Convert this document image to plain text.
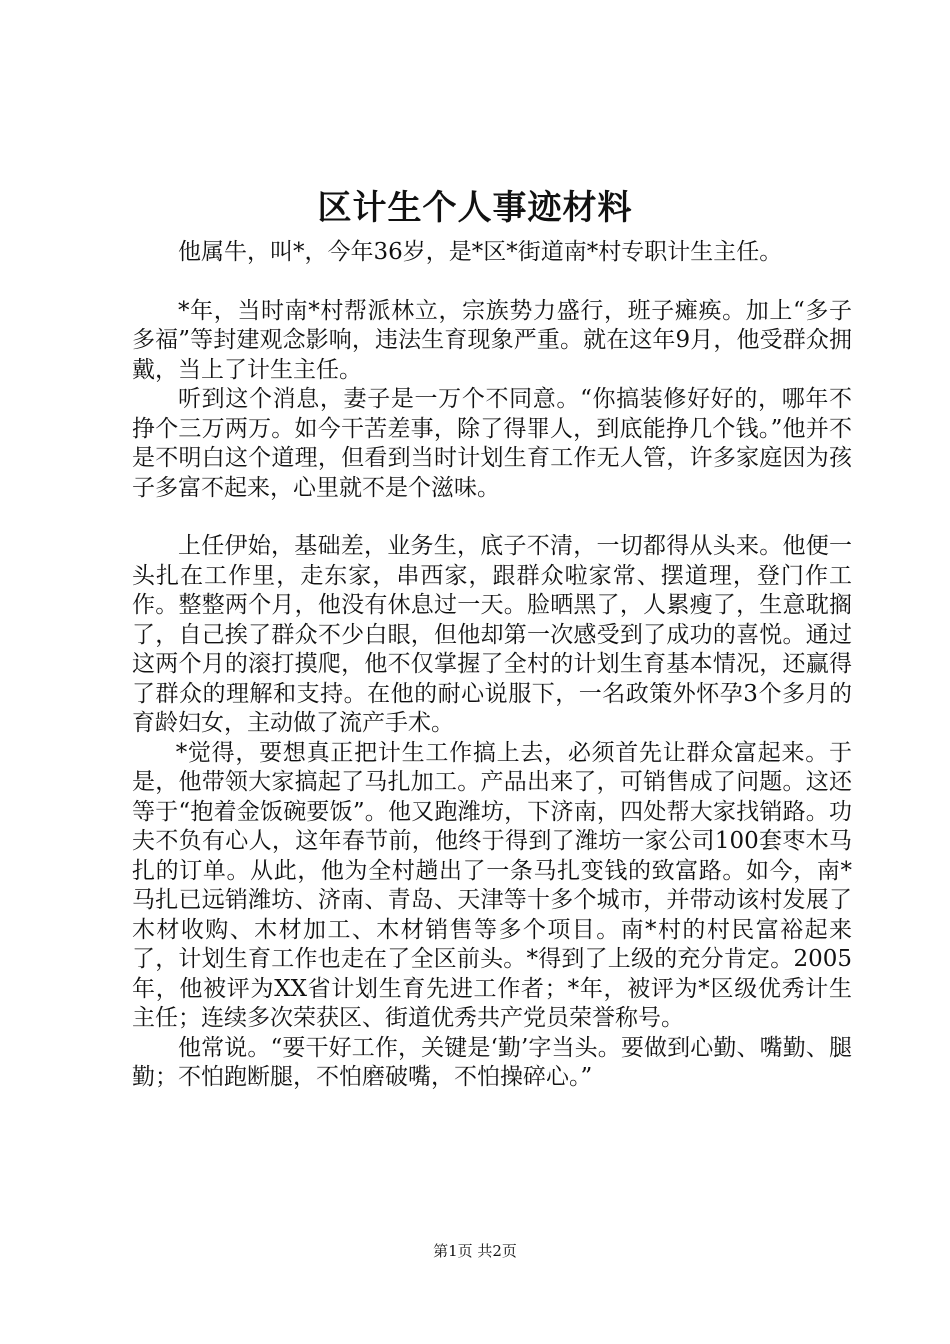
区计生个人事迹材料

他属牛，叫*，今年36岁，是*区*街道南*村专职计生主任。

*年，当时南*村帮派林立，宗族势力盛行，班子瘫痪。加上“多子多福”等封建观念影响，违法生育现象严重。就在这年9月，他受群众拥戴，当上了计生主任。

听到这个消息，妻子是一万个不同意。“你搞装修好好的，哪年不挣个三万两万。如今干苦差事，除了得罪人，到底能挣几个钱。”他并不是不明白这个道理，但看到当时计划生育工作无人管，许多家庭因为孩子多富不起来，心里就不是个滋味。

上任伊始，基础差，业务生，底子不清，一切都得从头来。他便一头扎在工作里，走东家，串西家，跟群众啦家常、摆道理，登门作工作。整整两个月，他没有休息过一天。脸晒黑了，人累瘦了，生意耽搁了，自己挨了群众不少白眼，但他却第一次感受到了成功的喜悦。通过这两个月的滚打摸爬，他不仅掌握了全村的计划生育基本情况，还赢得了群众的理解和支持。在他的耐心说服下，一名政策外怀孕3个多月的育龄妇女，主动做了流产手术。

*觉得，要想真正把计生工作搞上去，必须首先让群众富起来。于是，他带领大家搞起了马扎加工。产品出来了，可销售成了问题。这还等于“抱着金饭碗要饭”。他又跑潍坊，下济南，四处帮大家找销路。功夫不负有心人，这年春节前，他终于得到了潍坊一家公司100套枣木马扎的订单。从此，他为全村趟出了一条马扎变钱的致富路。如今，南*马扎已远销潍坊、济南、青岛、天津等十多个城市，并带动该村发展了木材收购、木材加工、木材销售等多个项目。南*村的村民富裕起来了，计划生育工作也走在了全区前头。*得到了上级的充分肯定。2005年，他被评为XX省计划生育先进工作者；*年，被评为*区级优秀计生主任；连续多次荣获区、街道优秀共产党员荣誉称号。

他常说。“要干好工作，关键是‘勤’字当头。要做到心勤、嘴勤、腿勤；不怕跑断腿，不怕磨破嘴，不怕操碎心。”

第1页 共2页
